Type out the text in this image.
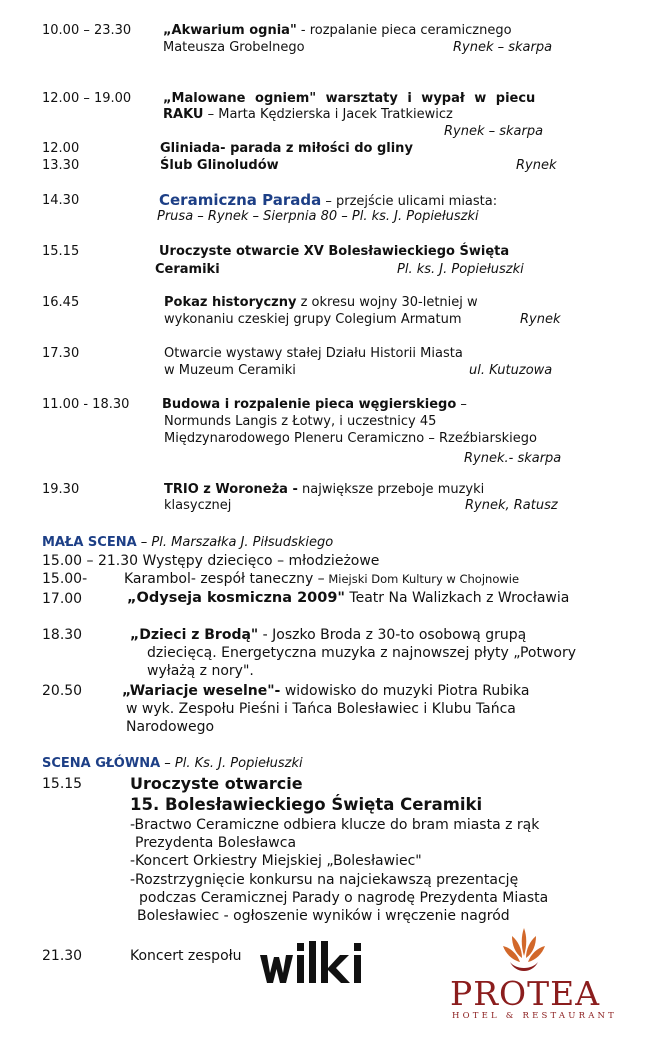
10.00 – 23.30 „Akwarium ognia" - rozpalanie pieca ceramicznego
Mateusza Grobelnego	Rynek – skarpa
12.00 – 19.00 „Malowane ogniem" warsztaty i wypał w piecu
RAKU – Marta Kędzierska i Jacek Tratkiewicz
Rynek – skarpa
12.00	Gliniada- parada z miłości do gliny
13.30	Ślub Glinoludów	Rynek
14.30	Ceramiczna Parada – przejście ulicami miasta:
Prusa – Rynek – Sierpnia 80 – Pl. ks. J. Popiełuszki
15.15	Uroczyste otwarcie XV Bolesławieckiego Święta
Ceramiki	Pl. ks. J. Popiełuszki
16.45	Pokaz historyczny z okresu wojny 30-letniej w
wykonaniu czeskiej grupy Colegium Armatum	Rynek
17.30	Otwarcie wystawy stałej Działu Historii Miasta
w Muzeum Ceramiki	ul. Kutuzowa
11.00 - 18.30	Budowa i rozpalenie pieca węgierskiego –
Normunds Langis z Łotwy, i uczestnicy 45
Międzynarodowego Pleneru Ceramiczno – Rzeźbiarskiego
Rynek.- skarpa
19.30	TRIO z Woroneża - największe przeboje muzyki
klasycznej	Rynek, Ratusz
MAŁA SCENA – Pl. Marszałka J. Piłsudskiego
15.00 – 21.30 Występy dziecięco – młodzieżowe
15.00-	Karambol- zespół taneczny – Miejski Dom Kultury w Chojnowie
17.00	„Odyseja kosmiczna 2009" Teatr Na Walizkach z Wrocławia
18.30	„Dzieci z Brodą" - Joszko Broda z 30-to osobową grupą
dziecięcą. Energetyczna muzyka z najnowszej płyty „Potwory
wyłażą z nory".
20.50	„Wariacje weselne"- widowisko do muzyki Piotra Rubika
w wyk. Zespołu Pieśni i Tańca Bolesławiec i Klubu Tańca
Narodowego
SCENA GŁÓWNA – Pl. Ks. J. Popiełuszki
15.15	Uroczyste otwarcie
15. Bolesławieckiego Święta Ceramiki
-Bractwo Ceramiczne odbiera klucze do bram miasta z rąk
Prezydenta Bolesławca
-Koncert Orkiestry Miejskiej „Bolesławiec"
-Rozstrzygnięcie konkursu na najciekawszą prezentację
podczas Ceramicznej Parady o nagrodę Prezydenta Miasta
Bolesławiec - ogłoszenie wyników i wręczenie nagród
21.30	Koncert zespołu
PROTEA
HOTEL & RESTAURANT
